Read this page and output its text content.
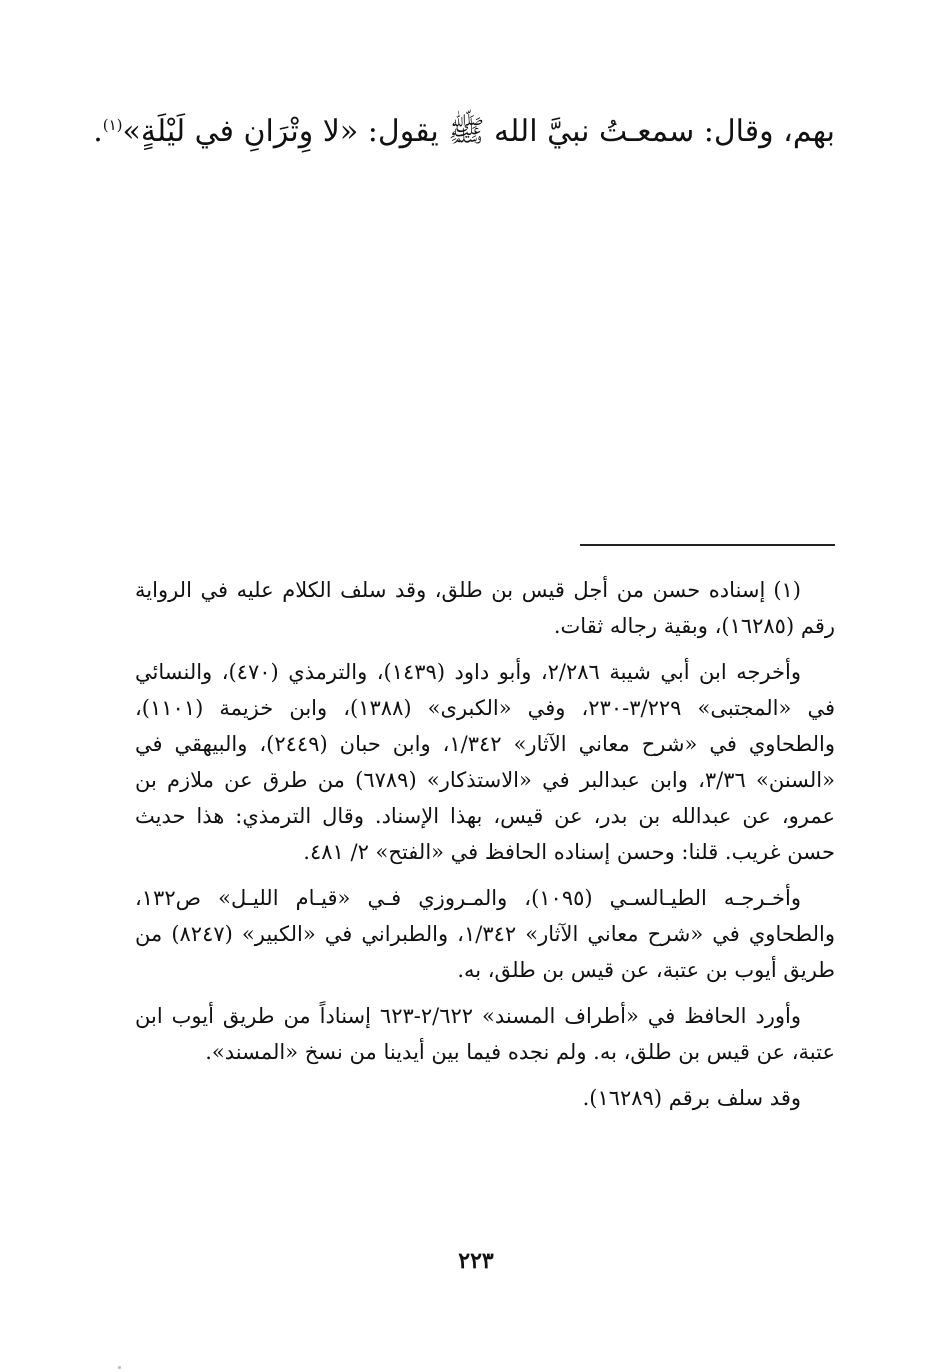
بهم، وقال: سمعـتُ نبيَّ الله ﷺ يقول: «لا وِتْرَانِ في لَيْلَةٍ»$^{(١)}$.

(١)إسناده حسن من أجل قيس بن طلق، وقد سلف الكلام عليه في الرواية رقم (١٦٢٨٥)، وبقية رجاله ثقات.

وأخرجه ابن أبي شيبة ٢/٢٨٦، وأبو داود (١٤٣٩)، والترمذي (٤٧٠)، والنسائي في «المجتبى» ٣/٢٢٩-٢٣٠، وفي «الكبرى» (١٣٨٨)، وابن خزيمة (١١٠١)، والطحاوي في «شرح معاني الآثار» ١/٣٤٢، وابن حبان (٢٤٤٩)، والبيهقي في «السنن» ٣/٣٦، وابن عبدالبر في «الاستذكار» (٦٧٨٩) من طرق عن ملازم بن عمرو، عن عبدالله بن بدر، عن قيس، بهذا الإسناد. وقال الترمذي: هذا حديث حسن غريب. قلنا: وحسن إسناده الحافظ في «الفتح» ٢/ ٤٨١.

وأخـرجـه الطيـالسـي (١٠٩٥)، والمـروزي فـي «قيـام الليـل» ص١٣٢، والطحاوي في «شرح معاني الآثار» ١/٣٤٢، والطبراني في «الكبير» (٨٢٤٧) من طريق أيوب بن عتبة، عن قيس بن طلق، به.

وأورد الحافظ في «أطراف المسند» ٢/٦٢٢-٦٢٣ إسناداً من طريق أيوب ابن عتبة، عن قيس بن طلق، به. ولم نجده فيما بين أيدينا من نسخ «المسند».

وقد سلف برقم (١٦٢٨٩).

٢٢٣
